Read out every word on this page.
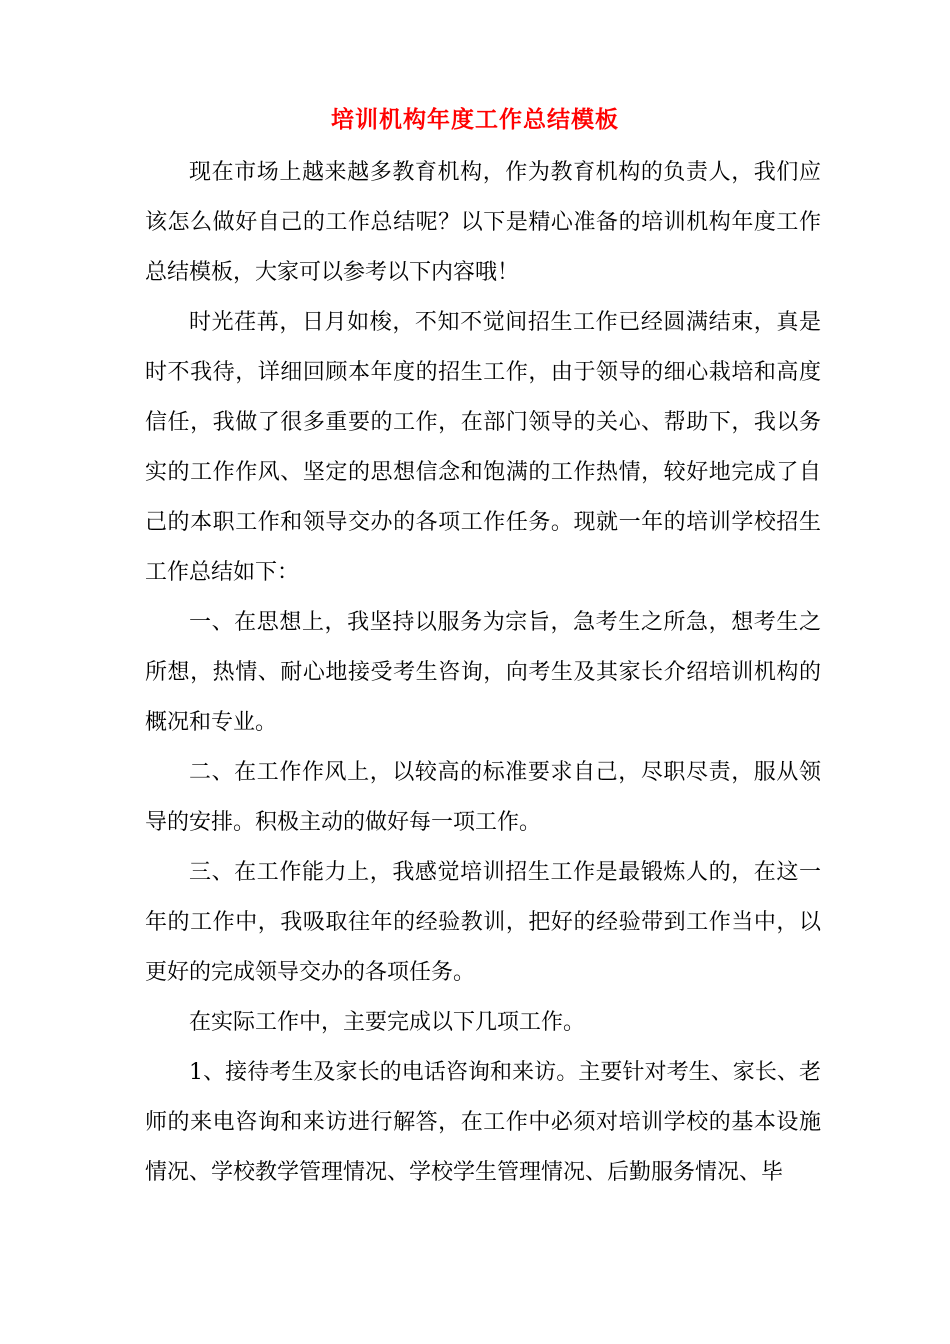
培训机构年度工作总结模板

现在市场上越来越多教育机构，作为教育机构的负责人，我们应该怎么做好自己的工作总结呢？以下是精心准备的培训机构年度工作总结模板，大家可以参考以下内容哦！

时光荏苒，日月如梭，不知不觉间招生工作已经圆满结束，真是时不我待，详细回顾本年度的招生工作，由于领导的细心栽培和高度信任，我做了很多重要的工作，在部门领导的关心、帮助下，我以务实的工作作风、坚定的思想信念和饱满的工作热情，较好地完成了自己的本职工作和领导交办的各项工作任务。现就一年的培训学校招生工作总结如下：

一、在思想上，我坚持以服务为宗旨，急考生之所急，想考生之所想，热情、耐心地接受考生咨询，向考生及其家长介绍培训机构的概况和专业。

二、在工作作风上，以较高的标准要求自己，尽职尽责，服从领导的安排。积极主动的做好每一项工作。

三、在工作能力上，我感觉培训招生工作是最锻炼人的，在这一年的工作中，我吸取往年的经验教训，把好的经验带到工作当中，以更好的完成领导交办的各项任务。

在实际工作中，主要完成以下几项工作。

1、接待考生及家长的电话咨询和来访。主要针对考生、家长、老师的来电咨询和来访进行解答，在工作中必须对培训学校的基本设施情况、学校教学管理情况、学校学生管理情况、后勤服务情况、毕
